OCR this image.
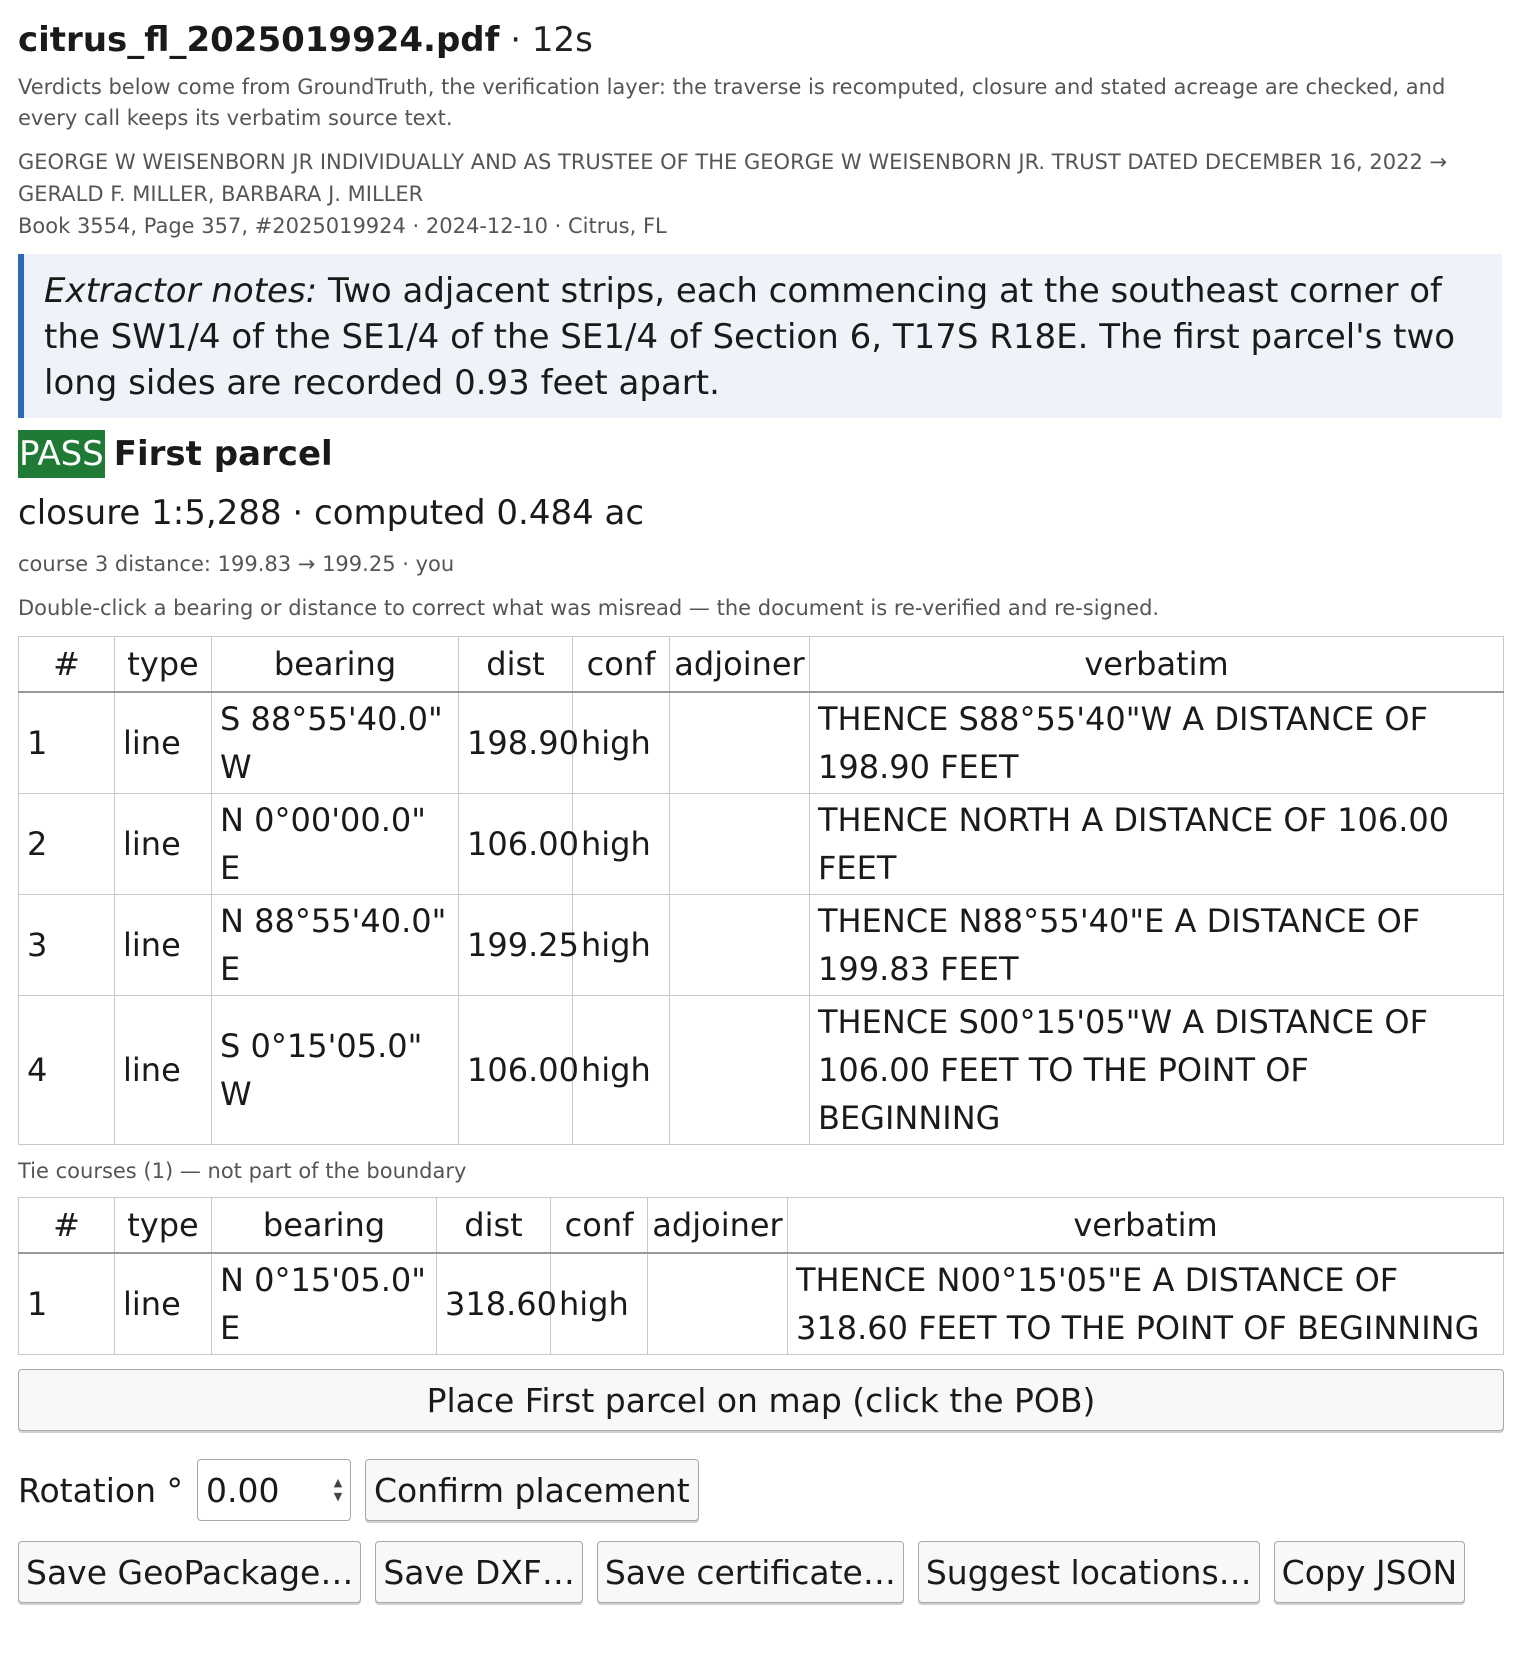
citrus_fl_2025019924.pdf · 12s
Verdicts below come from GroundTruth, the verification layer: the traverse is recomputed, closure and stated acreage are checked, and every call keeps its verbatim source text.
GEORGE W WEISENBORN JR INDIVIDUALLY AND AS TRUSTEE OF THE GEORGE W WEISENBORN JR. TRUST DATED DECEMBER 16, 2022 → GERALD F. MILLER, BARBARA J. MILLER
Book 3554, Page 357, #2025019924 · 2024-12-10 · Citrus, FL
Extractor notes: Two adjacent strips, each commencing at the southeast corner of the SW1/4 of the SE1/4 of the SE1/4 of Section 6, T17S R18E. The first parcel's two long sides are recorded 0.93 feet apart.
PASS First parcel
closure 1:5,288 · computed 0.484 ac
course 3 distance: 199.83 → 199.25 · you
Double-click a bearing or distance to correct what was misread — the document is re-verified and re-signed.
#	type	bearing	dist	conf	adjoiner	verbatim
1	line	S 88°55'40.0" W	198.90	high		THENCE S88°55'40"W A DISTANCE OF 198.90 FEET
2	line	N 0°00'00.0" E	106.00	high		THENCE NORTH A DISTANCE OF 106.00 FEET
3	line	N 88°55'40.0" E	199.25	high		THENCE N88°55'40"E A DISTANCE OF 199.83 FEET
4	line	S 0°15'05.0" W	106.00	high		THENCE S00°15'05"W A DISTANCE OF 106.00 FEET TO THE POINT OF BEGINNING
Tie courses (1) — not part of the boundary
#	type	bearing	dist	conf	adjoiner	verbatim
1	line	N 0°15'05.0" E	318.60	high		THENCE N00°15'05"E A DISTANCE OF 318.60 FEET TO THE POINT OF BEGINNING
Place First parcel on map (click the POB)
Rotation °
0.00	▲
▼ Confirm placement
Save GeoPackage… Save DXF… Save certificate… Suggest locations… Copy JSON
